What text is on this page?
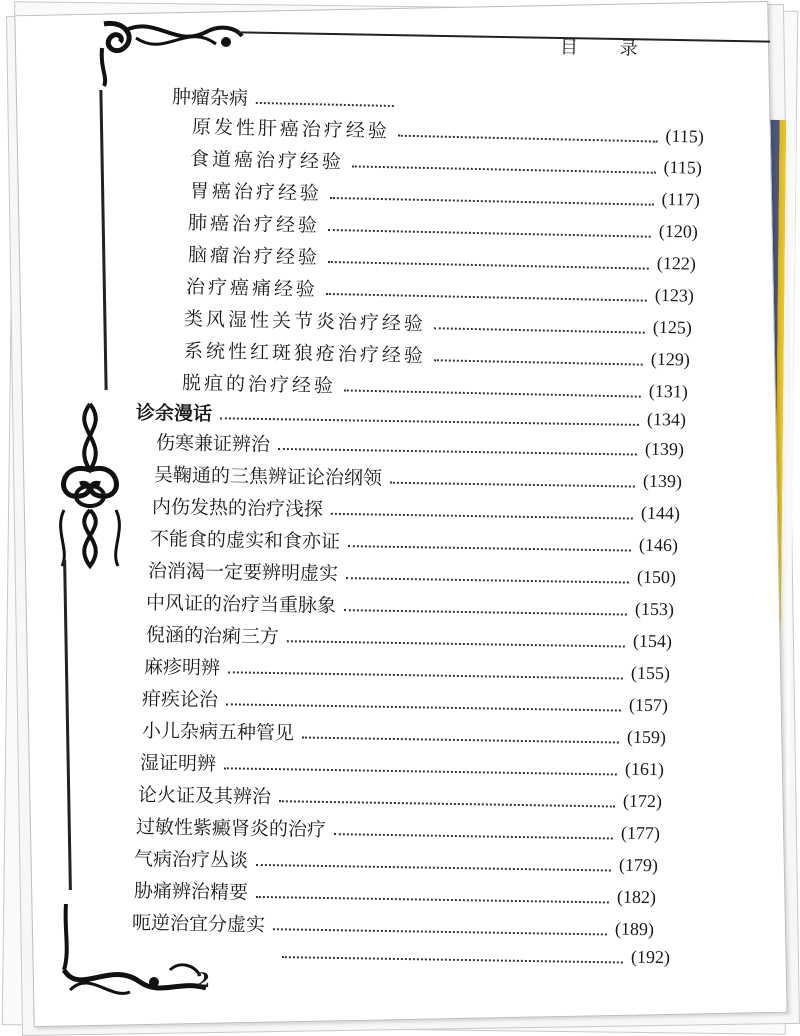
目 录
2
肿瘤杂病
原发性肝癌治疗经验	(115)
食道癌治疗经验	(115)
胃癌治疗经验	(117)
肺癌治疗经验	(120)
脑瘤治疗经验	(122)
治疗癌痛经验	(123)
类风湿性关节炎治疗经验	(125)
系统性红斑狼疮治疗经验	(129)
脱疽的治疗经验	(131)
诊余漫话	(134)
伤寒兼证辨治	(139)
吴鞠通的三焦辨证论治纲领	(139)
内伤发热的治疗浅探	(144)
不能食的虚实和食亦证	(146)
治消渴一定要辨明虚实	(150)
中风证的治疗当重脉象	(153)
倪涵的治痢三方	(154)
麻疹明辨	(155)
疳疾论治	(157)
小儿杂病五种管见	(159)
湿证明辨	(161)
论火证及其辨治	(172)
过敏性紫癜肾炎的治疗	(177)
气病治疗丛谈	(179)
胁痛辨治精要	(182)
呃逆治宜分虚实	(189)
(192)
